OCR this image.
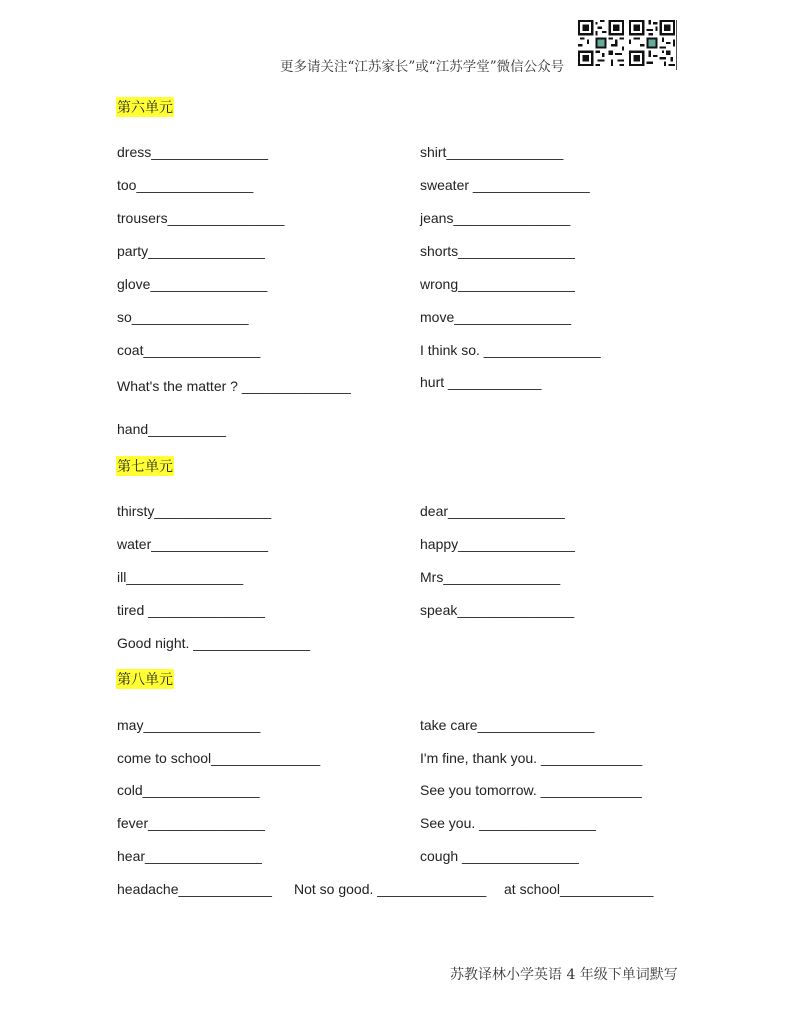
更多请关注“江苏家长”或“江苏学堂”微信公众号
第六单元
dress_______________	shirt_______________
too_______________	sweater _______________
trousers_______________	jeans_______________
party_______________	shorts_______________
glove_______________	wrong_______________
so_______________	move_______________
coat_______________	I think so. _______________
What's the matter ? ______________	hurt ____________
hand__________
第七单元
thirsty_______________	dear_______________
water_______________	happy_______________
ill_______________	Mrs_______________
tired _______________	speak_______________
Good night. _______________
第八单元
may_______________	take care_______________
come to school______________	I'm fine, thank you. _____________
cold_______________	See you tomorrow. _____________
fever_______________	See you. _______________
hear_______________	cough _______________
headache____________ Not so good. ______________ at school____________
苏教译林小学英语 4 年级下单词默写
